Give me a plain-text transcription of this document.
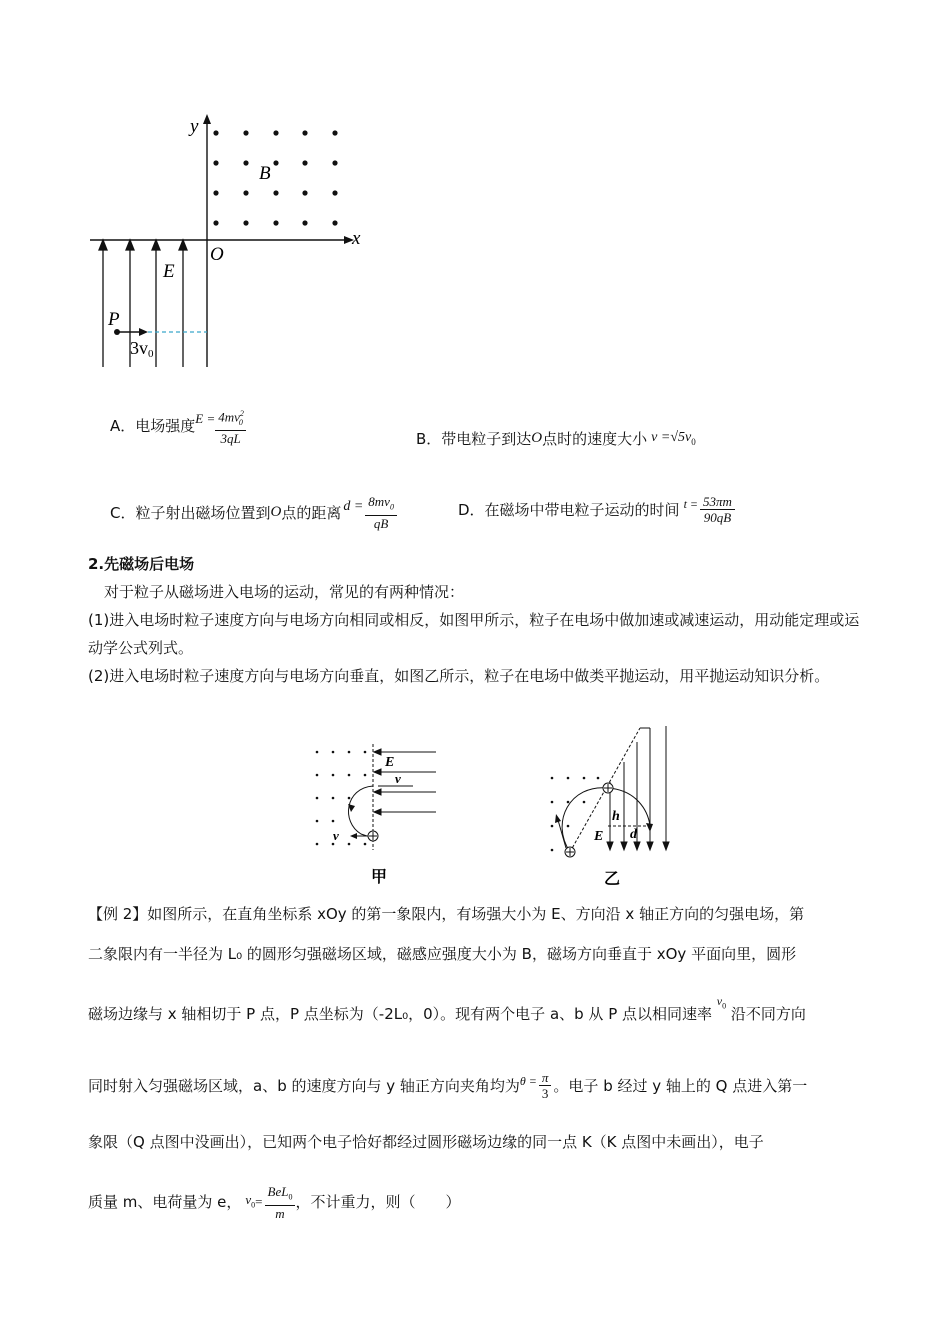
y
x
O
B
E
P
3v0
A．电场强度 $E = \frac{4mv^2_0}{3qL}$	B．带电粒子到达 O 点时的速度大小 $v =√5v_0$
C．粒子射出磁场位置到 O 点的距离 $d = \frac{8mv_0}{qB}$	D．在磁场中带电粒子运动的时间 $t = \frac{53\pi m}{90qB}$
2.先磁场后电场
对于粒子从磁场进入电场的运动，常见的有两种情况：
(1)进入电场时粒子速度方向与电场方向相同或相反，如图甲所示，粒子在电场中做加速或减速运动，用动能定理或运动学公式列式。
(2)进入电场时粒子速度方向与电场方向垂直，如图乙所示，粒子在电场中做类平抛运动，用平抛运动知识分析。
E
v
v
甲
h
E d
乙
【例 2】如图所示，在直角坐标系 xOy 的第一象限内，有场强大小为 E、方向沿 x 轴正方向的匀强电场，第
二象限内有一半径为 L₀ 的圆形匀强磁场区域，磁感应强度大小为 B，磁场方向垂直于 xOy 平面向里，圆形
磁场边缘与 x 轴相切于 P 点，P 点坐标为（-2L₀，0）。现有两个电子 a、b 从 P 点以相同速率 $^{v_0}$ 沿不同方向
同时射入匀强磁场区域，a、b 的速度方向与 y 轴正方向夹角均为 $\theta = \frac{\pi}{3}$ 。电子 b 经过 y 轴上的 Q 点进入第一
象限（Q 点图中没画出），已知两个电子恰好都经过圆形磁场边缘的同一点 K（K 点图中未画出），电子
质量 m、电荷量为 e， $v_0 = \frac{BeL_0}{m}$ ，不计重力，则（　　）
